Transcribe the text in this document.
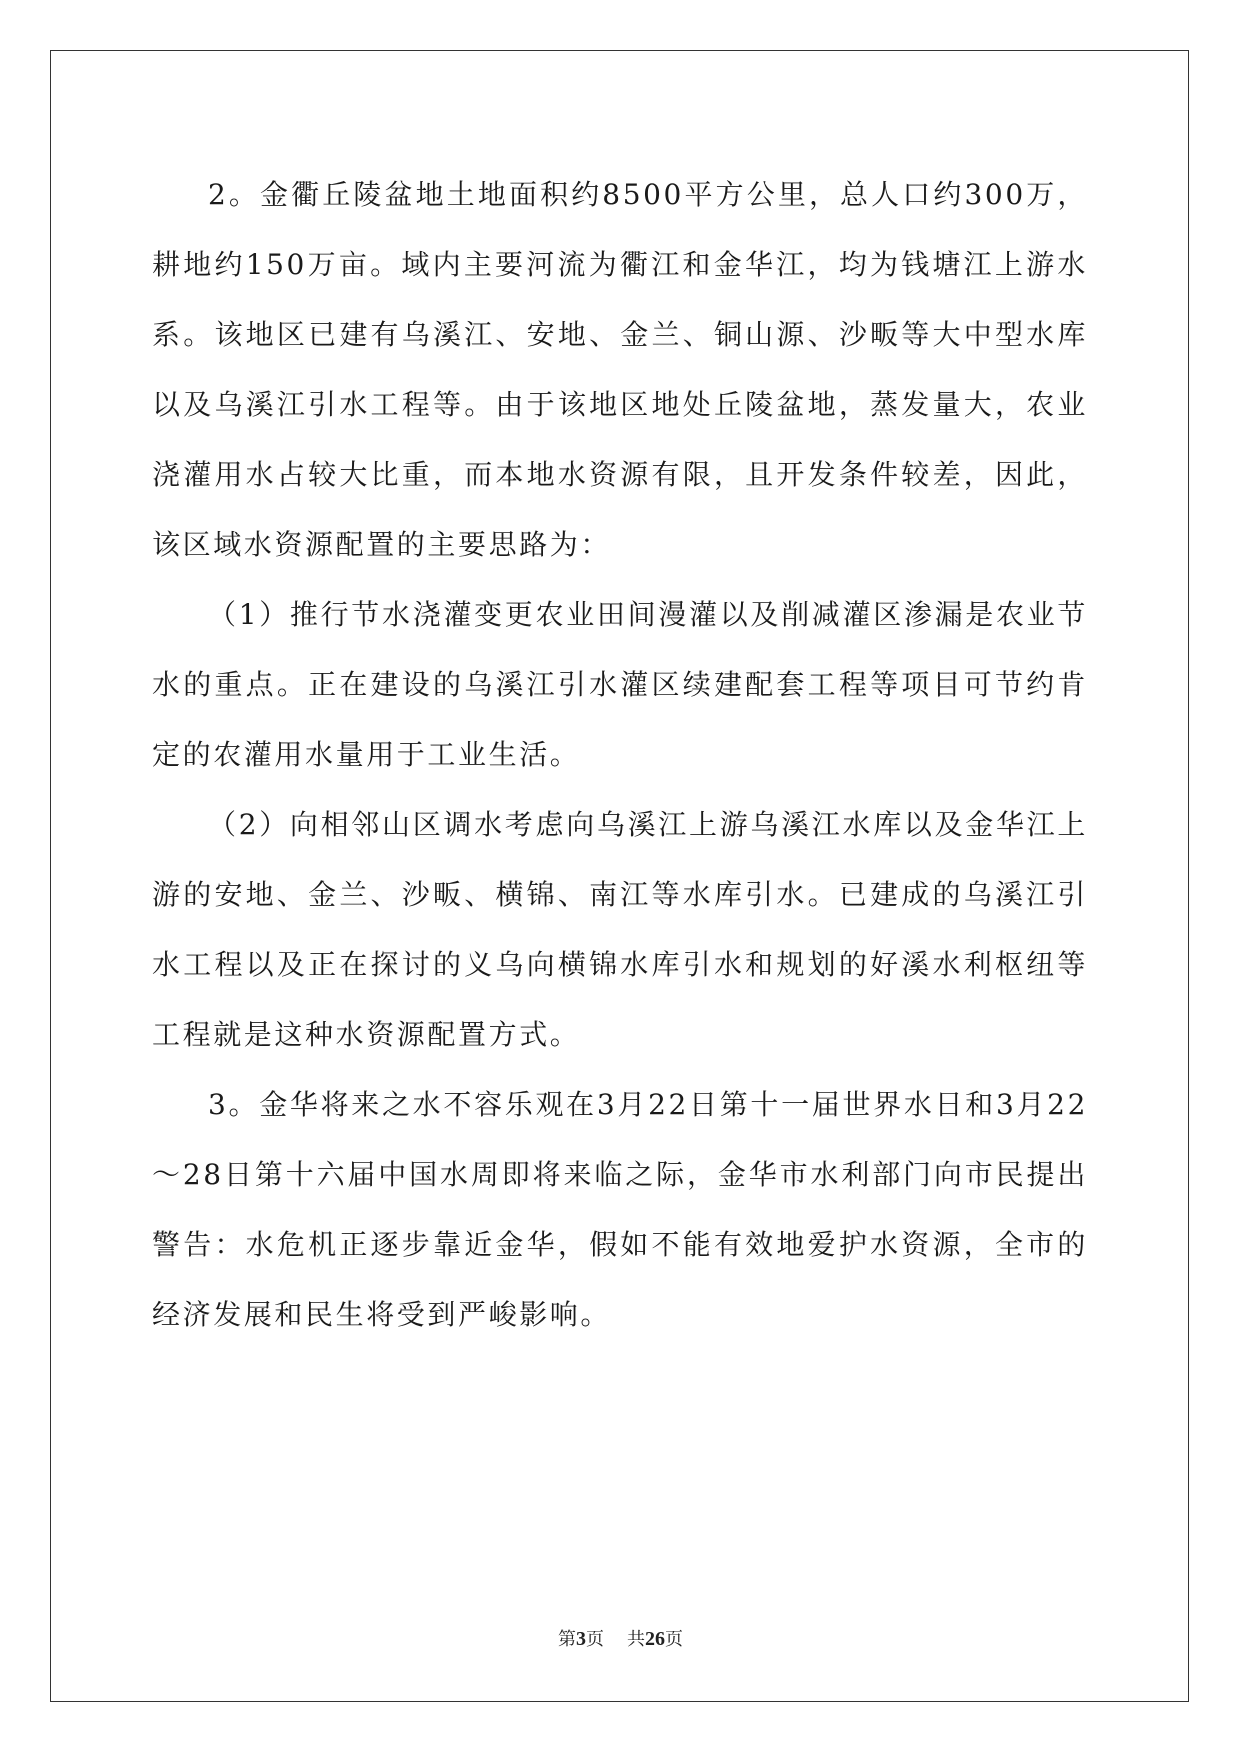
2。金衢丘陵盆地土地面积约8500平方公里，总人口约300万，耕地约150万亩。域内主要河流为衢江和金华江，均为钱塘江上游水系。该地区已建有乌溪江、安地、金兰、铜山源、沙畈等大中型水库以及乌溪江引水工程等。由于该地区地处丘陵盆地，蒸发量大，农业浇灌用水占较大比重，而本地水资源有限，且开发条件较差，因此，该区域水资源配置的主要思路为：

（1）推行节水浇灌变更农业田间漫灌以及削减灌区渗漏是农业节水的重点。正在建设的乌溪江引水灌区续建配套工程等项目可节约肯定的农灌用水量用于工业生活。

（2）向相邻山区调水考虑向乌溪江上游乌溪江水库以及金华江上游的安地、金兰、沙畈、横锦、南江等水库引水。已建成的乌溪江引水工程以及正在探讨的义乌向横锦水库引水和规划的好溪水利枢纽等工程就是这种水资源配置方式。

3。金华将来之水不容乐观在3月22日第十一届世界水日和3月22～28日第十六届中国水周即将来临之际，金华市水利部门向市民提出警告：水危机正逐步靠近金华，假如不能有效地爱护水资源，全市的经济发展和民生将受到严峻影响。

第3页 共26页
